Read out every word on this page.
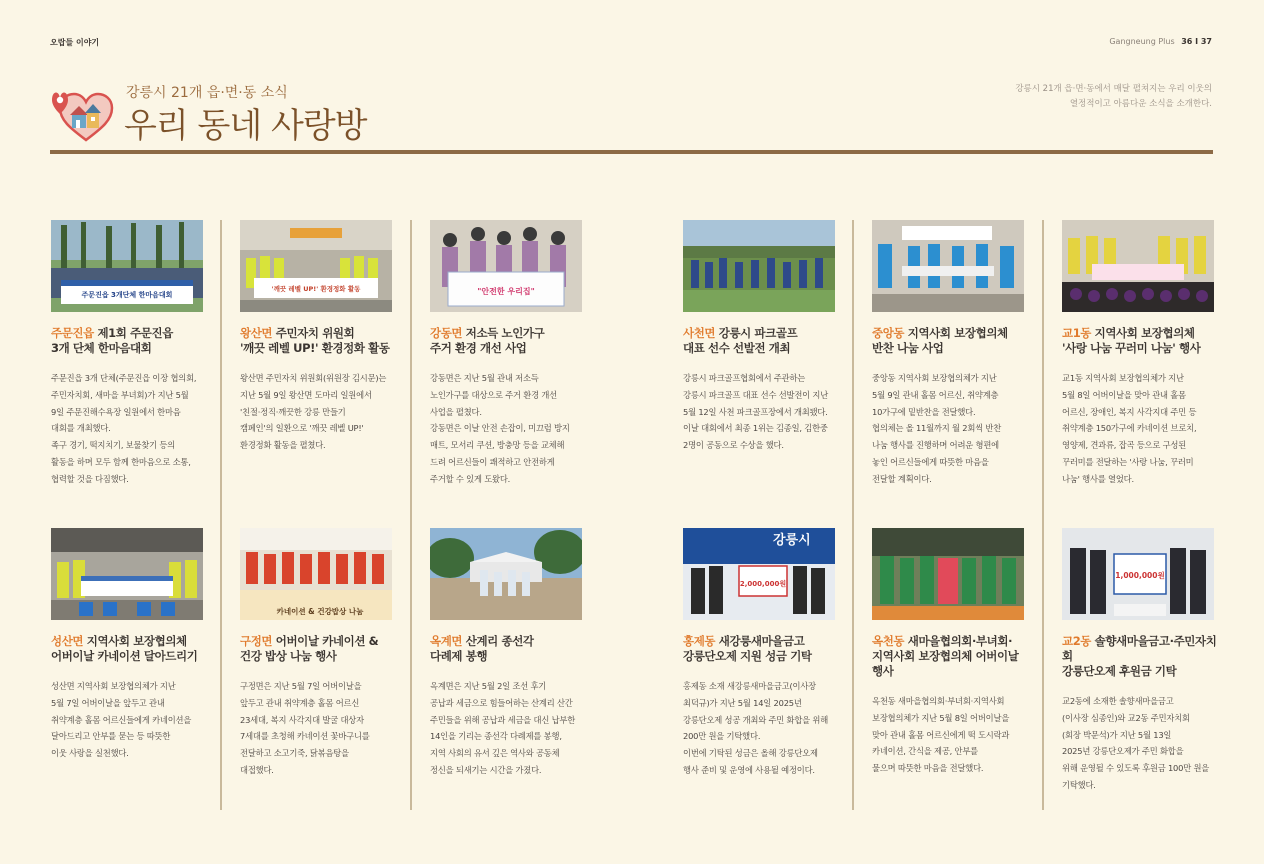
오랍들 이야기	Gangneung Plus 36 I 37
강릉시 21개 읍·면·동 소식
우리 동네 사랑방
강릉시 21개 읍·면·동에서 매달 펼쳐지는 우리 이웃의
열정적이고 아름다운 소식을 소개한다.
주문진읍 3개단체 한마음대회
주문진읍 제1회 주문진읍
3개 단체 한마음대회
주문진읍 3개 단체(주문진읍 이장 협의회,
주민자치회, 새마을 부녀회)가 지난 5월
9일 주문진해수욕장 일원에서 한마음
대회를 개최했다.
족구 경기, 떡지치기, 보물찾기 등의
활동을 하며 모두 함께 한마음으로 소통,
협력할 것을 다짐했다.
'깨끗 레벨 UP!' 환경정화 활동
왕산면 주민자치 위원회
'깨끗 레벨 UP!' 환경정화 활동
왕산면 주민자치 위원회(위원장 김시문)는
지난 5월 9일 왕산면 도마리 일원에서
'친절·정직·깨끗한 강릉 만들기
캠페인'의 일환으로 '깨끗 레벨 UP!'
환경정화 활동을 펼쳤다.
"안전한 우리집"
강동면 저소득 노인가구
주거 환경 개선 사업
강동면은 지난 5월 관내 저소득
노인가구를 대상으로 주거 환경 개선
사업을 펼쳤다.
강동면은 이날 안전 손잡이, 미끄럼 방지
매트, 모서리 쿠션, 방충망 등을 교체해
드려 어르신들이 쾌적하고 안전하게
주거할 수 있게 도왔다.
사천면 강릉시 파크골프
대표 선수 선발전 개최
강릉시 파크골프협회에서 주관하는
강릉시 파크골프 대표 선수 선발전이 지난
5월 12일 사천 파크골프장에서 개최됐다.
이날 대회에서 최종 1위는 김종일, 김한중
2명이 공동으로 수상을 했다.
중앙동 지역사회 보장협의체
반찬 나눔 사업
중앙동 지역사회 보장협의체가 지난
5월 9일 관내 홀몸 어르신, 취약계층
10가구에 밑반찬을 전달했다.
협의체는 올 11월까지 월 2회씩 반찬
나눔 행사를 진행하며 어려운 형편에
놓인 어르신들에게 따뜻한 마음을
전달할 계획이다.
교1동 지역사회 보장협의체
'사랑 나눔 꾸러미 나눔' 행사
교1동 지역사회 보장협의체가 지난
5월 8일 어버이날을 맞아 관내 홀몸
어르신, 장애인, 복지 사각지대 주민 등
취약계층 150가구에 카네이션 브로치,
영양제, 견과류, 잡곡 등으로 구성된
꾸러미를 전달하는 '사랑 나눔, 꾸러미
나눔' 행사를 열었다.
성산면 지역사회 보장협의체
어버이날 카네이션 달아드리기
성산면 지역사회 보장협의체가 지난
5월 7일 어버이날을 앞두고 관내
취약계층 홀몸 어르신들에게 카네이션을
달아드리고 안부를 묻는 등 따뜻한
이웃 사랑을 실천했다.
카네이션 & 건강밥상 나눔
구정면 어버이날 카네이션 &
건강 밥상 나눔 행사
구정면은 지난 5월 7일 어버이날을
앞두고 관내 취약계층 홀몸 어르신
23세대, 복지 사각지대 발굴 대상자
7세대를 초청해 카네이션 꽃바구니를
전달하고 소고기죽, 닭볶음탕을
대접했다.
옥계면 산계리 종선각
다례제 봉행
옥계면은 지난 5월 2일 조선 후기
공납과 세금으로 힘들어하는 산계리 산간
주민들을 위해 공납과 세금을 대신 납부한
14인을 기리는 종선각 다례제를 봉행,
지역 사회의 유서 깊은 역사와 공동체
정신을 되새기는 시간을 가졌다.
강릉시
2,000,000원
홍제동 새강릉새마을금고
강릉단오제 지원 성금 기탁
홍제동 소재 새강릉새마을금고(이사장
최덕규)가 지난 5월 14일 2025년
강릉단오제 성공 개최와 주민 화합을 위해
200만 원을 기탁했다.
이번에 기탁된 성금은 올해 강릉단오제
행사 준비 및 운영에 사용될 예정이다.
옥천동 새마을협의회·부녀회·
지역사회 보장협의체 어버이날 행사
옥천동 새마을협의회·부녀회·지역사회
보장협의체가 지난 5월 8일 어버이날을
맞아 관내 홀몸 어르신에게 떡 도시락과
카네이션, 간식을 제공, 안부를
물으며 따뜻한 마음을 전달했다.
1,000,000원
교2동 솔향새마을금고·주민자치회
강릉단오제 후원금 기탁
교2동에 소재한 솔향새마을금고
(이사장 심종인)와 교2동 주민자치회
(회장 박문석)가 지난 5월 13일
2025년 강릉단오제가 주민 화합을
위해 운영될 수 있도록 후원금 100만 원을
기탁했다.
